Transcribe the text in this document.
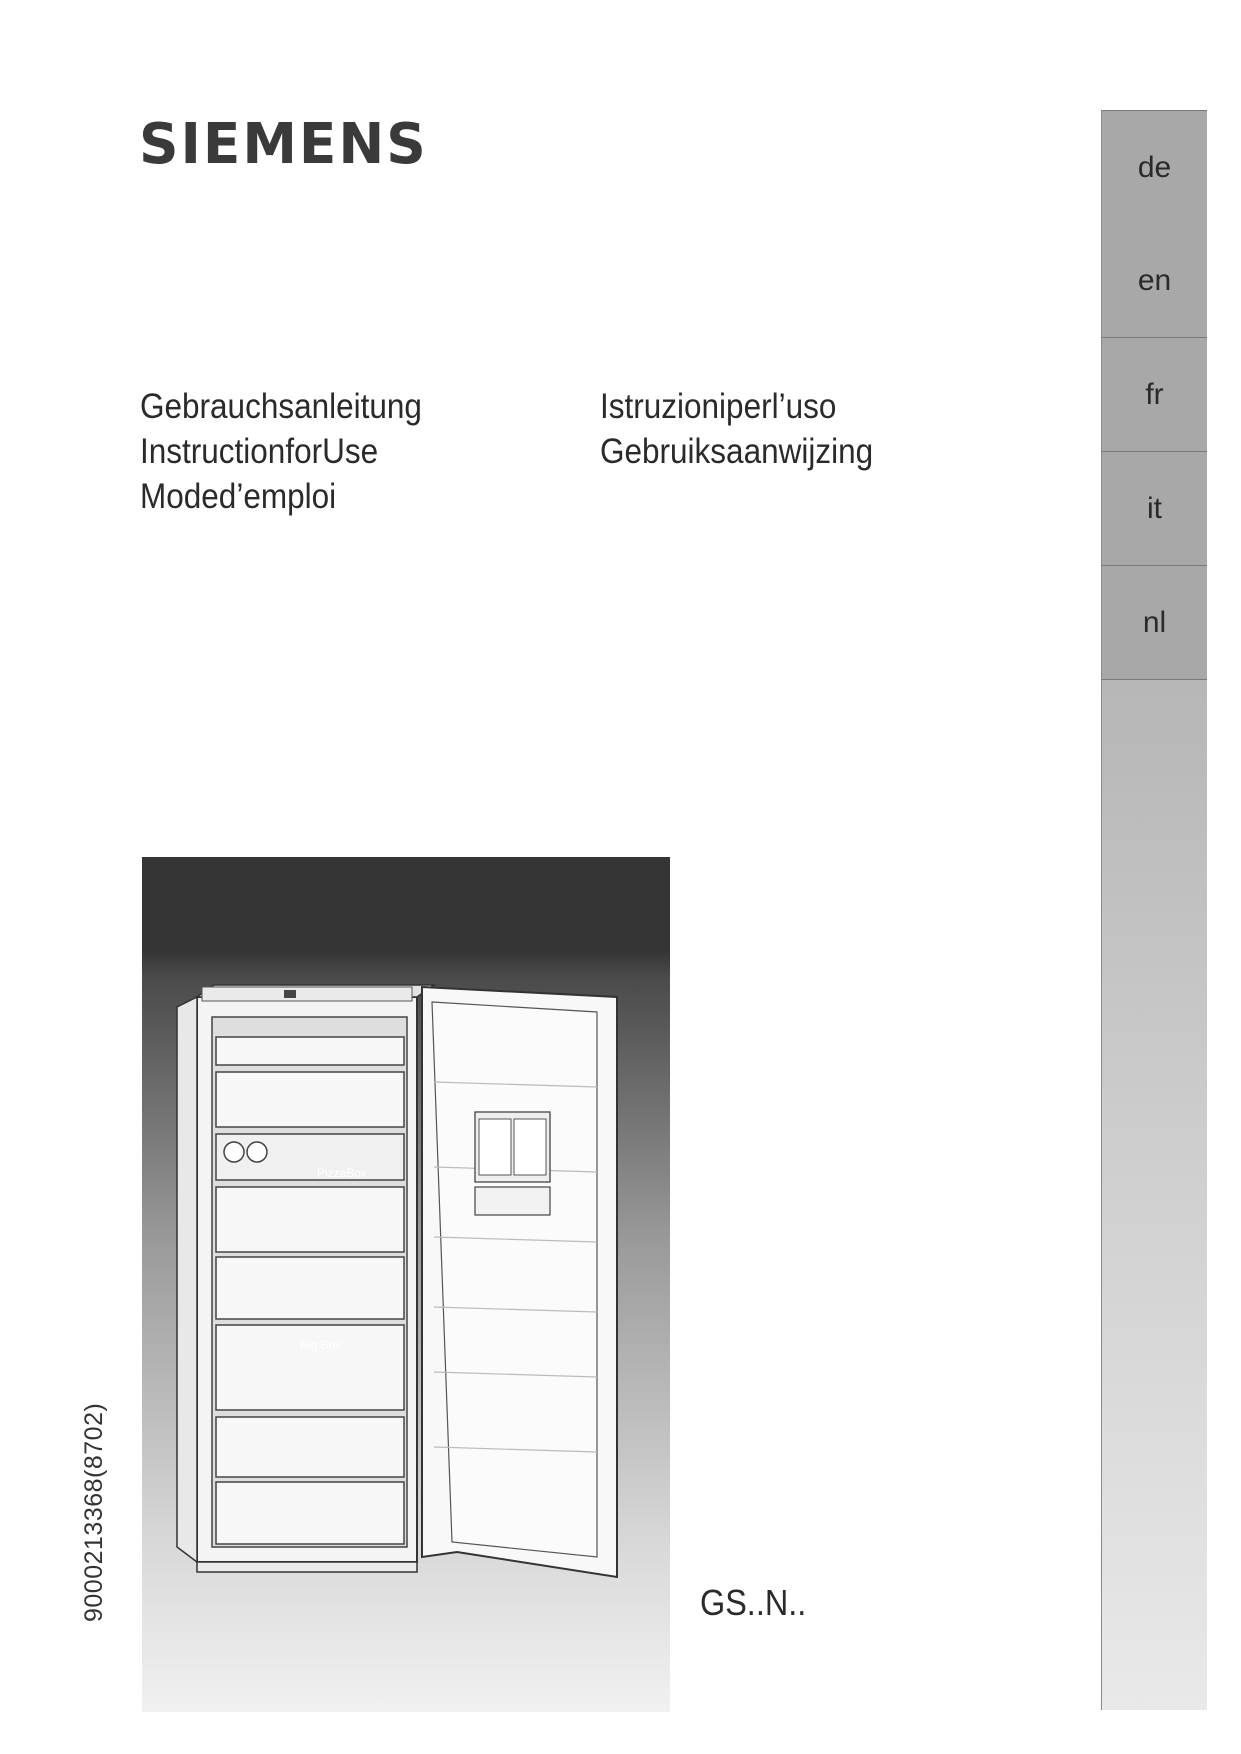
SIEMENS
Gebrauchsanleitung
InstructionforUse
Moded’emploi
Istruzioniperl’uso
Gebruiksaanwijzing
de
en
fr
it
nl
9000213368(8702)
PizzaBox
Big Box
GS..N..
